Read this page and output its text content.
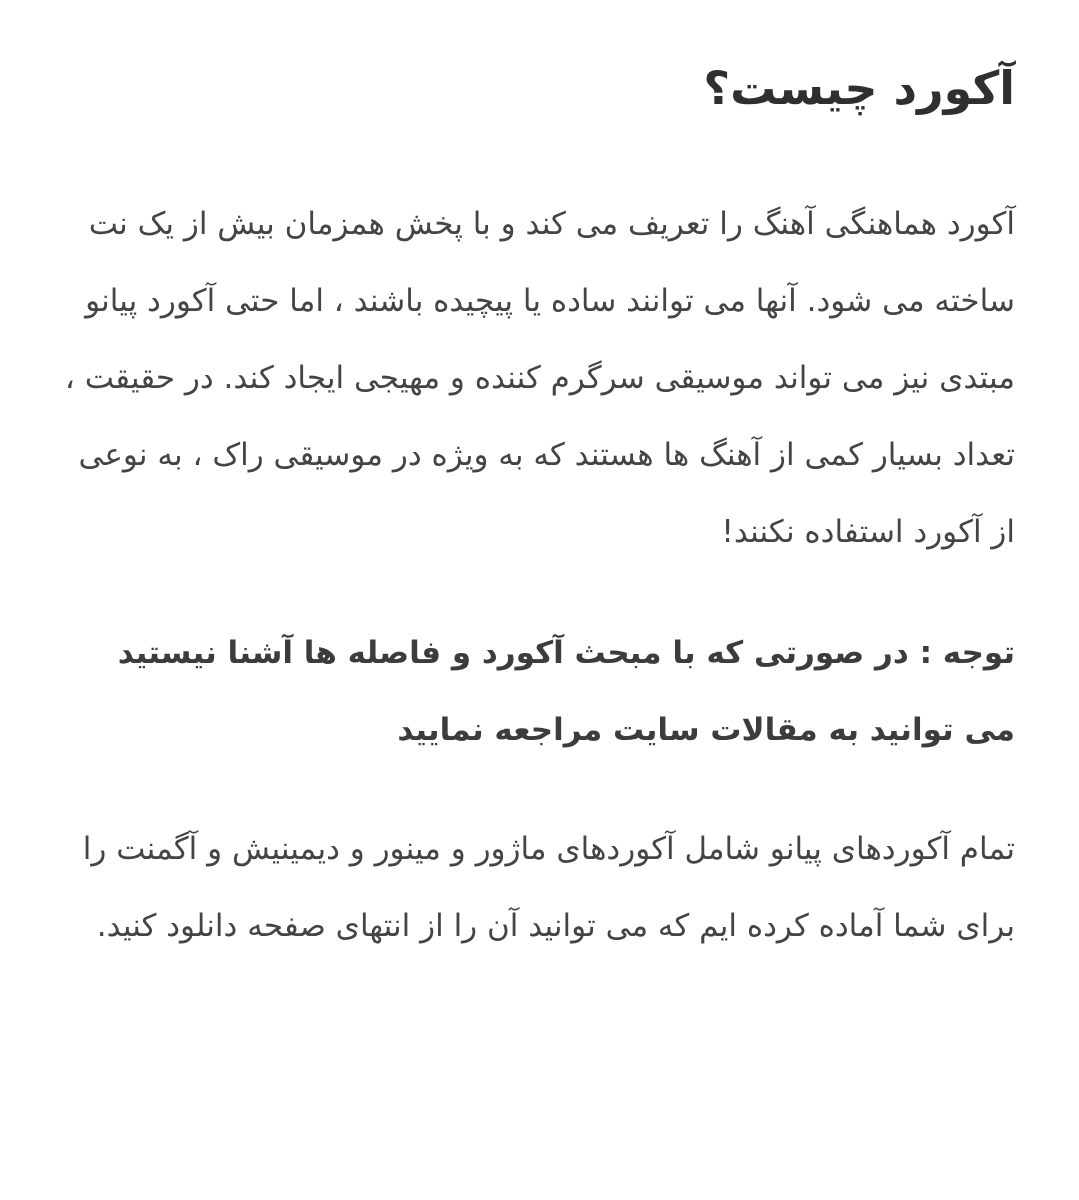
آکورد چیست؟

آکورد هماهنگی آهنگ را تعریف می کند و با پخش همزمان بیش از یک نت ساخته می شود. آنها می توانند ساده یا پیچیده باشند ، اما حتی آکورد پیانو مبتدی نیز می تواند موسیقی سرگرم کننده و مهیجی ایجاد کند. در حقیقت ، تعداد بسیار کمی از آهنگ ها هستند که به ویژه در موسیقی راک ، به نوعی از آکورد استفاده نکنند!

توجه : در صورتی که با مبحث آکورد و فاصله ها آشنا نیستید می توانید به مقالات سایت مراجعه نمایید

تمام آکوردهای پیانو شامل آکوردهای ماژور و مینور و دیمینیش و آگمنت را برای شما آماده کرده ایم که می توانید آن را از انتهای صفحه دانلود کنید.
